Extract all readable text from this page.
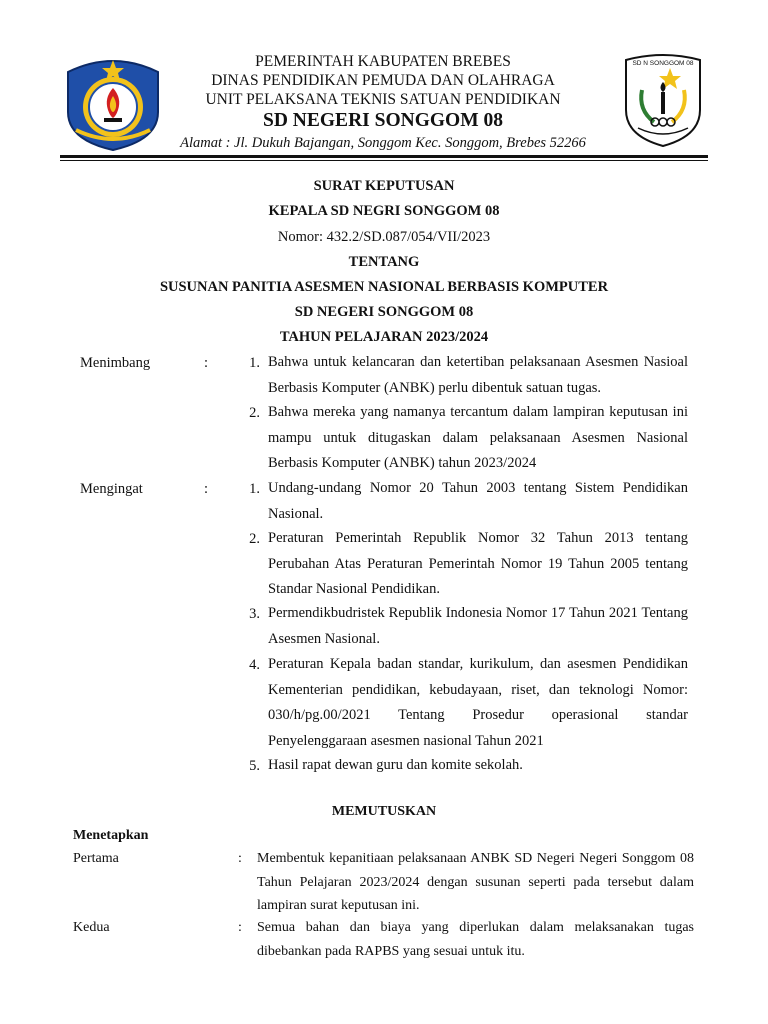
SD N SONGGOM 08
PEMERINTAH KABUPATEN BREBES
DINAS PENDIDIKAN PEMUDA DAN OLAHRAGA
UNIT PELAKSANA TEKNIS SATUAN PENDIDIKAN
SD NEGERI SONGGOM 08
Alamat : Jl. Dukuh Bajangan, Songgom Kec. Songgom, Brebes 52266
SURAT KEPUTUSAN
KEPALA SD NEGRI SONGGOM 08
Nomor: 432.2/SD.087/054/VII/2023
TENTANG
SUSUNAN PANITIA ASESMEN NASIONAL BERBASIS KOMPUTER
SD NEGERI SONGGOM 08
TAHUN PELAJARAN 2023/2024
Menimbang	:	1. Bahwa untuk kelancaran dan ketertiban pelaksanaan Asesmen Nasioal Berbasis Komputer (ANBK) perlu dibentuk satuan tugas.
2. Bahwa mereka yang namanya tercantum dalam lampiran keputusan ini mampu untuk ditugaskan dalam pelaksanaan Asesmen Nasional Berbasis Komputer (ANBK) tahun 2023/2024
Mengingat	:	1. Undang-undang Nomor 20 Tahun 2003 tentang Sistem Pendidikan Nasional.
2. Peraturan Pemerintah Republik Nomor 32 Tahun 2013 tentang Perubahan Atas Peraturan Pemerintah Nomor 19 Tahun 2005 tentang Standar Nasional Pendidikan.
3. Permendikbudristek Republik Indonesia Nomor 17 Tahun 2021 Tentang Asesmen Nasional.
4. Peraturan Kepala badan standar, kurikulum, dan asesmen Pendidikan Kementerian pendidikan, kebudayaan, riset, dan teknologi Nomor: 030/h/pg.00/2021 Tentang Prosedur operasional standar Penyelenggaraan asesmen nasional Tahun 2021
5. Hasil rapat dewan guru dan komite sekolah.
MEMUTUSKAN
Menetapkan
Pertama	: Membentuk kepanitiaan pelaksanaan ANBK SD Negeri Negeri Songgom 08 Tahun Pelajaran 2023/2024 dengan susunan seperti pada tersebut dalam lampiran surat keputusan ini.
Kedua	: Semua bahan dan biaya yang diperlukan dalam melaksanakan tugas dibebankan pada RAPBS yang sesuai untuk itu.
